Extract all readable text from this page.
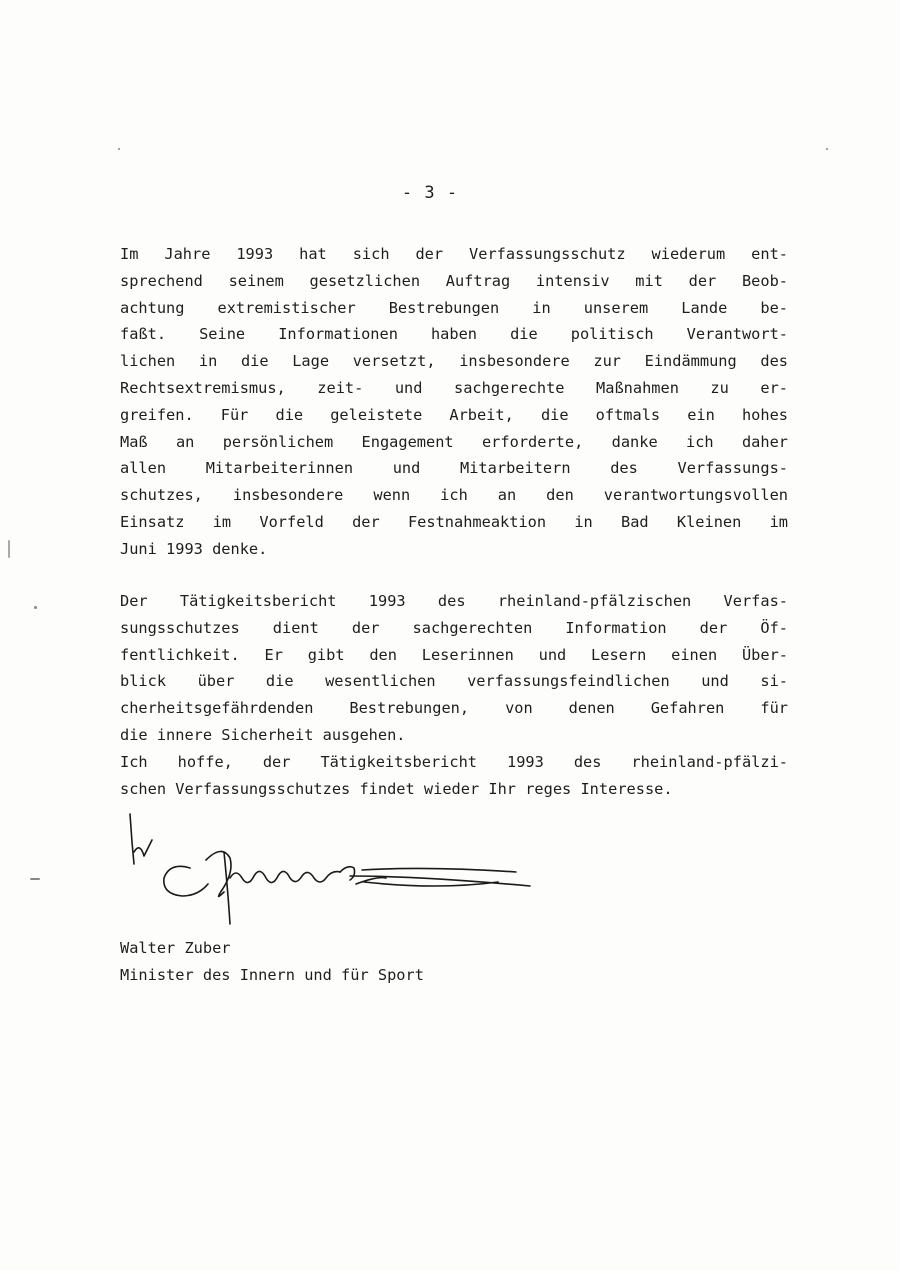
- 3 -

Im Jahre 1993 hat sich der Verfassungsschutz wiederum ent-
sprechend seinem gesetzlichen Auftrag intensiv mit der Beob-
achtung extremistischer Bestrebungen in unserem Lande be-
faßt. Seine Informationen haben die politisch Verantwort-
lichen in die Lage versetzt, insbesondere zur Eindämmung des
Rechtsextremismus, zeit- und sachgerechte Maßnahmen zu er-
greifen. Für die geleistete Arbeit, die oftmals ein hohes
Maß an persönlichem Engagement erforderte, danke ich daher
allen Mitarbeiterinnen und Mitarbeitern des Verfassungs-
schutzes, insbesondere wenn ich an den verantwortungsvollen
Einsatz im Vorfeld der Festnahmeaktion in Bad Kleinen im
Juni 1993 denke.

Der Tätigkeitsbericht 1993 des rheinland-pfälzischen Verfas-
sungsschutzes dient der sachgerechten Information der Öf-
fentlichkeit. Er gibt den Leserinnen und Lesern einen Über-
blick über die wesentlichen verfassungsfeindlichen und si-
cherheitsgefährdenden Bestrebungen, von denen Gefahren für
die innere Sicherheit ausgehen.
Ich hoffe, der Tätigkeitsbericht 1993 des rheinland-pfälzi-
schen Verfassungsschutzes findet wieder Ihr reges Interesse.

Walter Zuber
Minister des Innern und für Sport
